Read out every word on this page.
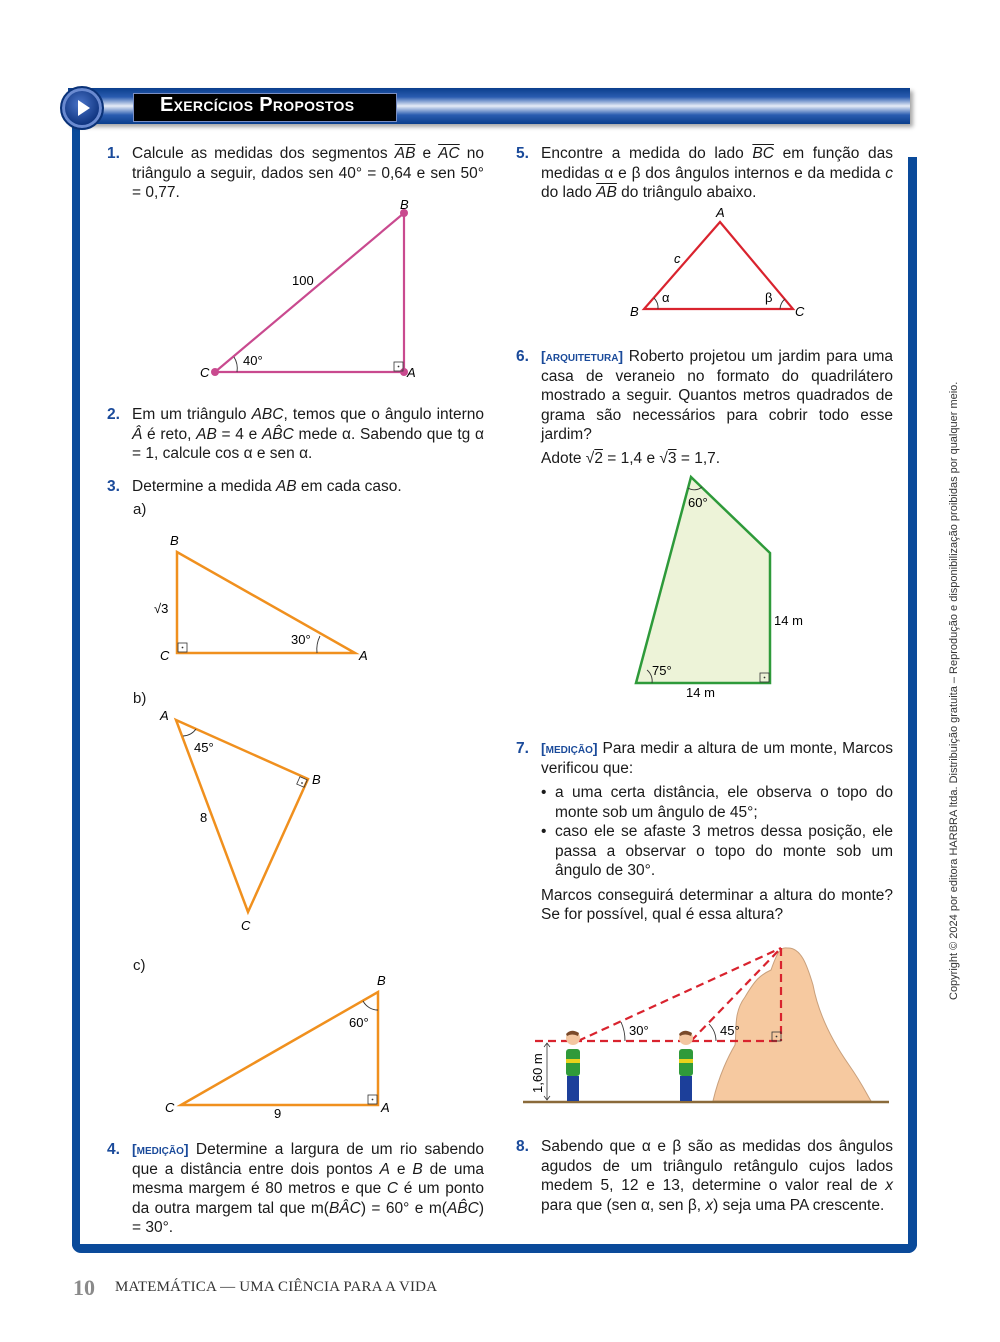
Exercícios Propostos
1. Calcule as medidas dos segmentos $\overline{AB}$ e $\overline{AC}$ no triângulo a seguir, dados sen 40° = 0,64 e sen 50° = 0,77.
B
C	A
100
40°
2. Em um triângulo ABC, temos que o ângulo interno Â é reto, AB = 4 e AB̂C mede α. Sabendo que tg α = 1, calcule cos α e sen α.
3. Determine a medida AB em cada caso.
a)
B
C	A
√3
30°
b)
A
B
C
45°
8
c)
B
C	A
60°
9
4. [medição] Determine a largura de um rio sabendo que a distância entre dois pontos A e B de uma mesma margem é 80 metros e que C é um ponto da outra margem tal que m(BÂC) = 60° e m(AB̂C) = 30°.
5. Encontre a medida do lado $\overline{BC}$ em função das medidas α e β dos ângulos internos e da medida c do lado $\overline{AB}$ do triângulo abaixo.
A
B	C
c
α	β
6. [arquitetura] Roberto projetou um jardim para uma casa de veraneio no formato do quadrilátero mostrado a seguir. Quantos metros quadrados de grama são necessários para cobrir todo esse jardim?
Adote √2 = 1,4 e √3 = 1,7.
60°
75°
14 m
14 m
7. [medição] Para medir a altura de um monte, Marcos verificou que:
• a uma certa distância, ele observa o topo do monte sob um ângulo de 45°;
• caso ele se afaste 3 metros dessa posição, ele passa a observar o topo do monte sob um ângulo de 30°.
Marcos conseguirá determinar a altura do monte? Se for possível, qual é essa altura?
30°	45°
1,60 m
8. Sabendo que α e β são as medidas dos ângulos agudos de um triângulo retângulo cujos lados medem 5, 12 e 13, determine o valor real de x para que (sen α, sen β, x) seja uma PA crescente.
Copyright © 2024 por editora HARBRA ltda. Distribuição gratuita – Reprodução e disponibilização proibidas por qualquer meio.
10 MATEMÁTICA — UMA CIÊNCIA PARA A VIDA
